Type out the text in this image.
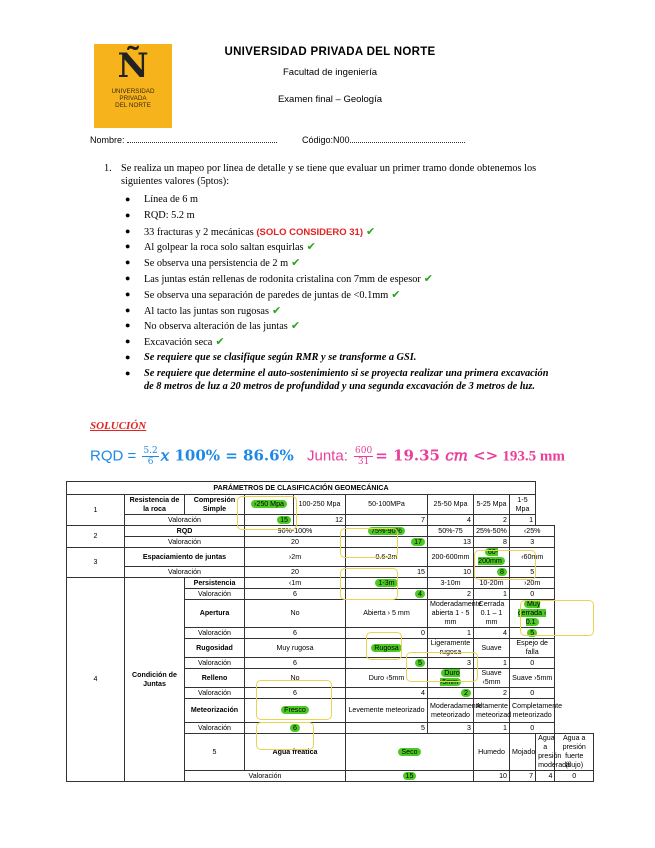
Ñ
UNIVERSIDAD
PRIVADA
DEL NORTE
UNIVERSIDAD PRIVADA DEL NORTE
Facultad de ingeniería
Examen final – Geología
Nombre:	Código:N00
1. Se realiza un mapeo por línea de detalle y se tiene que evaluar un primer tramo donde obtenemos los siguientes valores (5ptos):
● Línea de 6 m
● RQD: 5.2 m
● 33 fracturas y 2 mecánicas (SOLO CONSIDERO 31) ✔
● Al golpear la roca solo saltan esquirlas ✔
● Se observa una persistencia de 2 m ✔
● Las juntas están rellenas de rodonita cristalina con 7mm de espesor ✔
● Se observa una separación de paredes de juntas de <0.1mm ✔
● Al tacto las juntas son rugosas ✔
● No observa alteración de las juntas ✔
● Excavación seca ✔
● Se requiere que se clasifique según RMR y se transforme a GSI.
● Se requiere que determine el auto-sostenimiento si se proyecta realizar una primera excavación de 8 metros de luz a 20 metros de profundidad y una segunda excavación de 3 metros de luz.
SOLUCIÓN
RQD = $\frac{5.2}{6}$ 𝑥 100% = 86.6% Junta: $\frac{600}{31} = 19.35$ 𝑐𝑚 <> 193.5 mm
PARÁMETROS DE CLASIFICACIÓN GEOMECÁNICA										
1	Resistencia de la roca	Compresión Simple	›250 Mpa	100-250 Mpa	50-100MPa	25-50 Mpa	5-25 Mpa	1-5 Mpa		
	Valoración		15	12	7	4	2	1		
2	RQD		90%-100%		75%-90%	50%-75	25%-50%	‹25%		
	Valoración		20		17	13	8	3		
3	Espaciamiento de juntas		›2m		0.6-2m	200-600mm	60-200mm	‹60mm		
	Valoración		20		15	10	8	5		
4	Condición de Juntas	Persistencia	‹1m		1-3m	3-10m	10-20m	›20m		
		Valoración	6		4	2	1	0		
		Apertura	No		Abierta › 5 mm	Moderadamente abierta 1 - 5 mm	Cerrada 0.1 – 1 mm	Muy cerrada ‹ 0.1		
		Valoración	6		0	1	4	5		
		Rugosidad	Muy rugosa		Rugosa	Ligeramente rugosa	Suave	Espejo de falla		
		Valoración	6		5	3	1	0		
		Relleno	No		Duro ‹5mm	Duro ›5mm	Suave ‹5mm	Suave ›5mm		
		Valoración	6		4	2	2	0		
		Meteorización	Fresco		Levemente meteorizado	Moderadamente meteorizado	Altamente meteorizad	Completamente meteorizado		
		Valoración	6		5	3	1	0		
		5	Agua freatica		Seco		Humedo	Mojado	Agua a presión moderada	Agua a presión fuerte (flujo)
		Valoración			15		10	7	4	0
